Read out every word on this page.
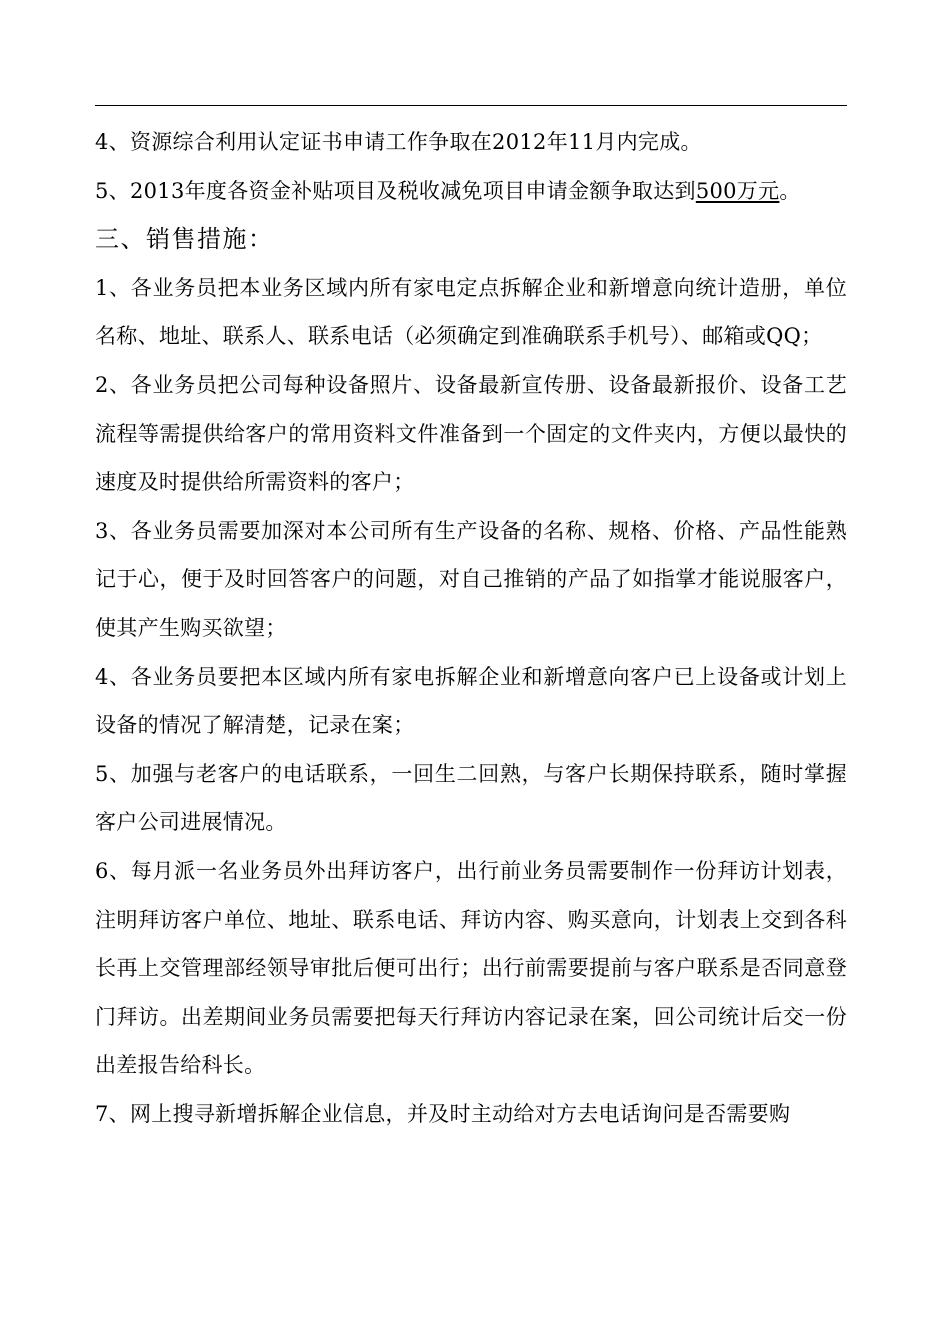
4、资源综合利用认定证书申请工作争取在2012年11月内完成。

5、2013年度各资金补贴项目及税收减免项目申请金额争取达到500万元。

三、销售措施：

1、各业务员把本业务区域内所有家电定点拆解企业和新增意向统计造册，单位名称、地址、联系人、联系电话（必须确定到准确联系手机号）、邮箱或QQ；

2、各业务员把公司每种设备照片、设备最新宣传册、设备最新报价、设备工艺流程等需提供给客户的常用资料文件准备到一个固定的文件夹内，方便以最快的速度及时提供给所需资料的客户；

3、各业务员需要加深对本公司所有生产设备的名称、规格、价格、产品性能熟记于心，便于及时回答客户的问题，对自己推销的产品了如指掌才能说服客户，使其产生购买欲望；

4、各业务员要把本区域内所有家电拆解企业和新增意向客户已上设备或计划上设备的情况了解清楚，记录在案；

5、加强与老客户的电话联系，一回生二回熟，与客户长期保持联系，随时掌握客户公司进展情况。

6、每月派一名业务员外出拜访客户，出行前业务员需要制作一份拜访计划表，注明拜访客户单位、地址、联系电话、拜访内容、购买意向，计划表上交到各科长再上交管理部经领导审批后便可出行；出行前需要提前与客户联系是否同意登门拜访。出差期间业务员需要把每天行拜访内容记录在案，回公司统计后交一份出差报告给科长。

7、网上搜寻新增拆解企业信息，并及时主动给对方去电话询问是否需要购
